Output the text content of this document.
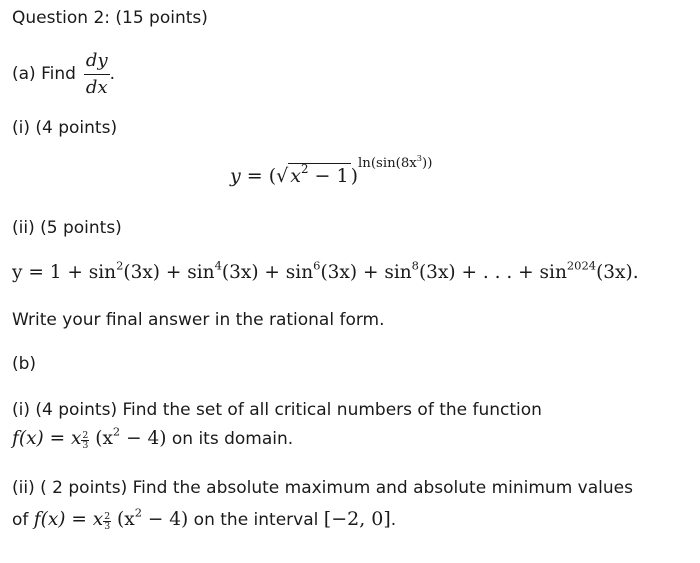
Question 2: (15 points)
(a) Find $\frac{dy}{dx}$ .
(i) (4 points)
y = (√ $x^2 - 1$ )$^{ln(sin(8x^3))}$
(ii) (5 points)
$y = 1 + \sin^2(3x) + \sin^4(3x) + \sin^6(3x) + \sin^8(3x)$ + . . . + $\sin^{2024}(3x)$.
Write your final answer in the rational form.
(b)
(i) (4 points) Find the set of all critical numbers of the function
f(x) = x $\frac{2}{3} (x^2 - 4)$ on its domain.
(ii) ( 2 points) Find the absolute maximum and absolute minimum values
of f(x) = x $\frac{2}{3} (x^2 - 4)$ on the interval [−2, 0].
